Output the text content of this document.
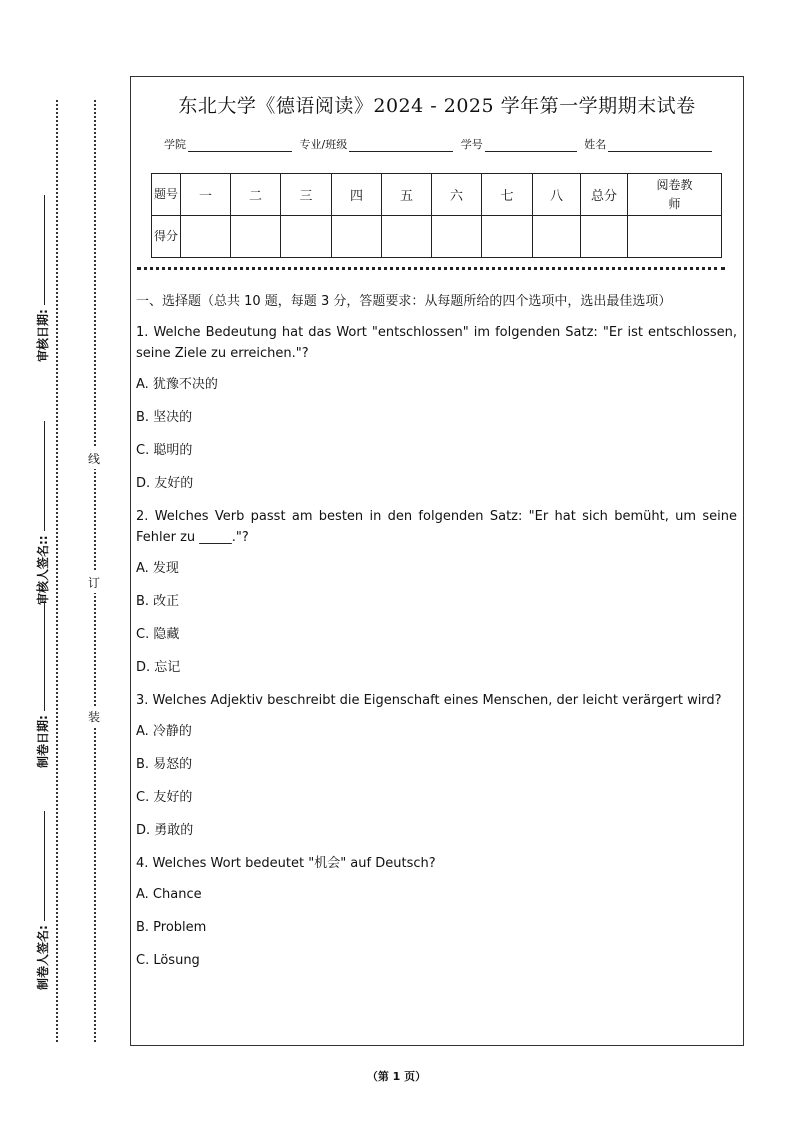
审核日期:
审核人签名::
制卷日期:
制卷人签名:
线
订
装
东北大学《德语阅读》2024 - 2025 学年第一学期期末试卷
学院	专业/班级	学号	姓名
题号	一	二	三	四	五	六	七	八	总分	阅卷教师

得分										

一、选择题（总共 10 题，每题 3 分，答题要求：从每题所给的四个选项中，选出最佳选项）

1. Welche Bedeutung hat das Wort "entschlossen" im folgenden Satz: "Er ist entschlossen, seine Ziele zu erreichen."?

A. 犹豫不决的

B. 坚决的

C. 聪明的

D. 友好的

2. Welches Verb passt am besten in den folgenden Satz: "Er hat sich bemüht, um seine Fehler zu _____."?

A. 发现

B. 改正

C. 隐藏

D. 忘记

3. Welches Adjektiv beschreibt die Eigenschaft eines Menschen, der leicht verärgert wird?

A. 冷静的

B. 易怒的

C. 友好的

D. 勇敢的

4. Welches Wort bedeutet "机会" auf Deutsch?

A. Chance

B. Problem

C. Lösung

（第 1 页）
